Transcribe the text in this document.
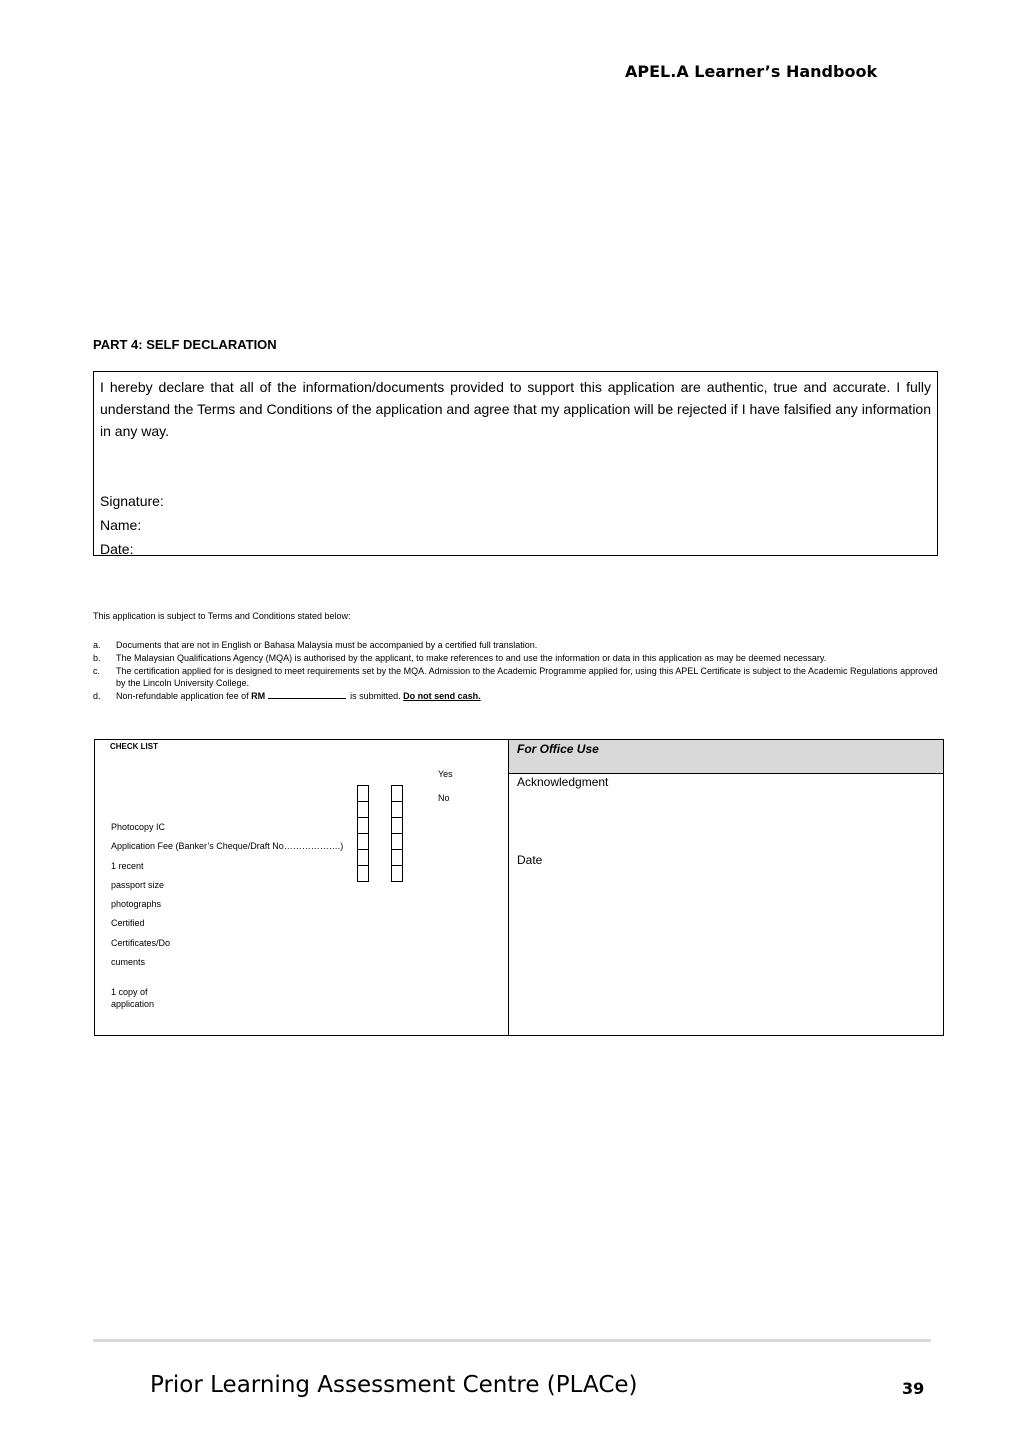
APEL.A Learner’s Handbook
PART 4: SELF DECLARATION

I hereby declare that all of the information/documents provided to support this application are authentic, true and accurate. I fully understand the Terms and Conditions of the application and agree that my application will be rejected if I have falsified any information in any way.

Signature:
Name:
Date:
This application is subject to Terms and Conditions stated below:
a. Documents that are not in English or Bahasa Malaysia must be accompanied by a certified full translation.
b. The Malaysian Qualifications Agency (MQA) is authorised by the applicant, to make references to and use the information or data in this application as may be deemed necessary.
c. The certification applied for is designed to meet requirements set by the MQA. Admission to the Academic Programme applied for, using this APEL Certificate is subject to the Academic Regulations approved by the Lincoln University College.
d. Non-refundable application fee of RM	is submitted. Do not send cash.
CHECK LIST
Yes
No
Photocopy IC
Application Fee (Banker’s Cheque/Draft No……………….)
1 recent
passport size
photographs
Certified
Certificates/Do
cuments
1 copy of
application
For Office Use
Acknowledgment
Date
Prior Learning Assessment Centre (PLACe)	39
